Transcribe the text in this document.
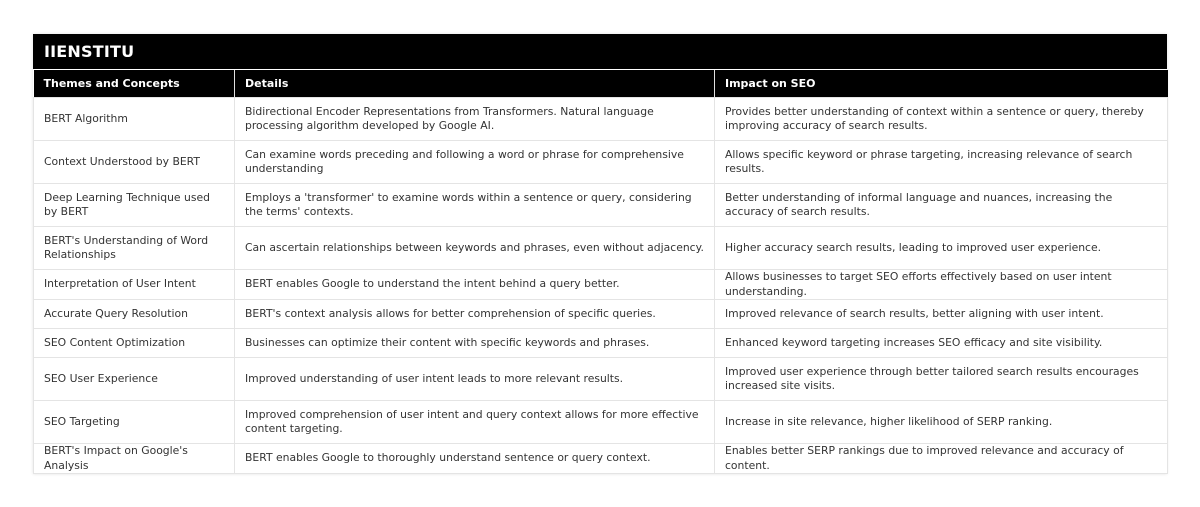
IIENSTITU
Themes and Concepts	Details	Impact on SEO
BERT Algorithm	Bidirectional Encoder Representations from Transformers. Natural language processing algorithm developed by Google AI.	Provides better understanding of context within a sentence or query, thereby improving accuracy of search results.
Context Understood by BERT	Can examine words preceding and following a word or phrase for comprehensive understanding	Allows specific keyword or phrase targeting, increasing relevance of search results.
Deep Learning Technique used by BERT	Employs a 'transformer' to examine words within a sentence or query, considering the terms' contexts.	Better understanding of informal language and nuances, increasing the accuracy of search results.
BERT's Understanding of Word Relationships	Can ascertain relationships between keywords and phrases, even without adjacency.	Higher accuracy search results, leading to improved user experience.
Interpretation of User Intent	BERT enables Google to understand the intent behind a query better.	Allows businesses to target SEO efforts effectively based on user intent understanding.
Accurate Query Resolution	BERT's context analysis allows for better comprehension of specific queries.	Improved relevance of search results, better aligning with user intent.
SEO Content Optimization	Businesses can optimize their content with specific keywords and phrases.	Enhanced keyword targeting increases SEO efficacy and site visibility.
SEO User Experience	Improved understanding of user intent leads to more relevant results.	Improved user experience through better tailored search results encourages increased site visits.
SEO Targeting	Improved comprehension of user intent and query context allows for more effective content targeting.	Increase in site relevance, higher likelihood of SERP ranking.
BERT's Impact on Google's Analysis	BERT enables Google to thoroughly understand sentence or query context.	Enables better SERP rankings due to improved relevance and accuracy of content.
